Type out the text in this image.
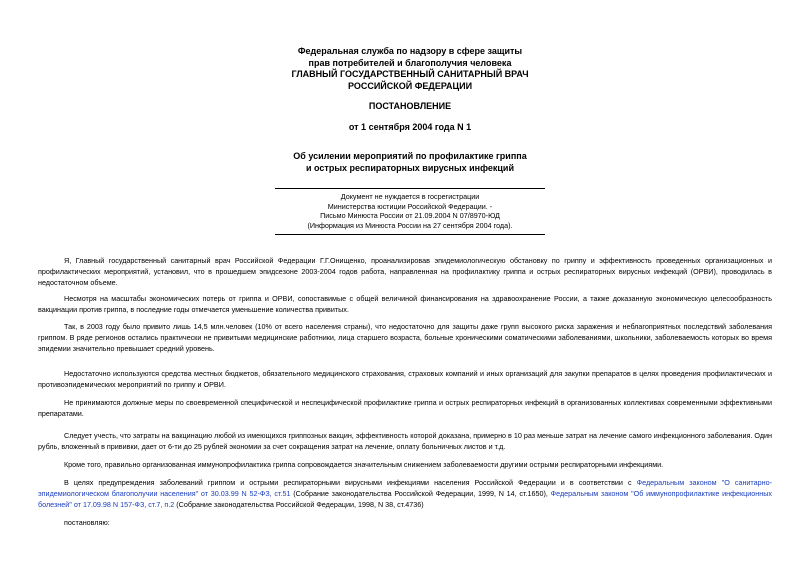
Федеральная служба по надзору в сфере защиты
прав потребителей и благополучия человека
ГЛАВНЫЙ ГОСУДАРСТВЕННЫЙ САНИТАРНЫЙ ВРАЧ
РОССИЙСКОЙ ФЕДЕРАЦИИ
ПОСТАНОВЛЕНИЕ
от 1 сентября 2004 года N 1
Об усилении мероприятий по профилактике гриппа
и острых респираторных вирусных инфекций
Документ не нуждается в госрегистрации
Министерства юстиции Российской Федерации. -
Письмо Минюста России от 21.09.2004 N 07/8970-ЮД
(Информация из Минюста России на 27 сентября 2004 года).

Я, Главный государственный санитарный врач Российской Федерации Г.Г.Онищенко, проанализировав эпидемиологическую обстановку по гриппу и эффективность проведенных организационных и профилактических мероприятий, установил, что в прошедшем эпидсезоне 2003-2004 годов работа, направленная на профилактику гриппа и острых респираторных вирусных инфекций (ОРВИ), проводилась в недостаточном объеме.

Несмотря на масштабы экономических потерь от гриппа и ОРВИ, сопоставимые с общей величиной финансирования на здравоохранение России, а также доказанную экономическую целесообразность вакцинации против гриппа, в последние годы отмечается уменьшение количества привитых.

Так, в 2003 году было привито лишь 14,5 млн.человек (10% от всего населения страны), что недостаточно для защиты даже групп высокого риска заражения и неблагоприятных последствий заболевания гриппом. В ряде регионов остались практически не привитыми медицинские работники, лица старшего возраста, больные хроническими соматическими заболеваниями, школьники, заболеваемость которых во время эпидемии значительно превышает средний уровень.

Недостаточно используются средства местных бюджетов, обязательного медицинского страхования, страховых компаний и иных организаций для закупки препаратов в целях проведения профилактических и противоэпидемических мероприятий по гриппу и ОРВИ.

Не принимаются должные меры по своевременной специфической и неспецифической профилактике гриппа и острых респираторных инфекций в организованных коллективах современными эффективными препаратами.

Следует учесть, что затраты на вакцинацию любой из имеющихся гриппозных вакцин, эффективность которой доказана, примерно в 10 раз меньше затрат на лечение самого инфекционного заболевания. Один рубль, вложенный в прививки, дает от 6-ти до 25 рублей экономии за счет сокращения затрат на лечение, оплату больничных листов и т.д.

Кроме того, правильно организованная иммунопрофилактика гриппа сопровождается значительным снижением заболеваемости другими острыми респираторными инфекциями.

В целях предупреждения заболеваний гриппом и острыми респираторными вирусными инфекциями населения Российской Федерации и в соответствии с Федеральным законом "О санитарно-эпидемиологическом благополучии населения" от 30.03.99 N 52-ФЗ, ст.51 (Собрание законодательства Российской Федерации, 1999, N 14, ст.1650), Федеральным законом "Об иммунопрофилактике инфекционных болезней" от 17.09.98 N 157-ФЗ, ст.7, п.2 (Собрание законодательства Российской Федерации, 1998, N 38, ст.4736)

постановляю:
